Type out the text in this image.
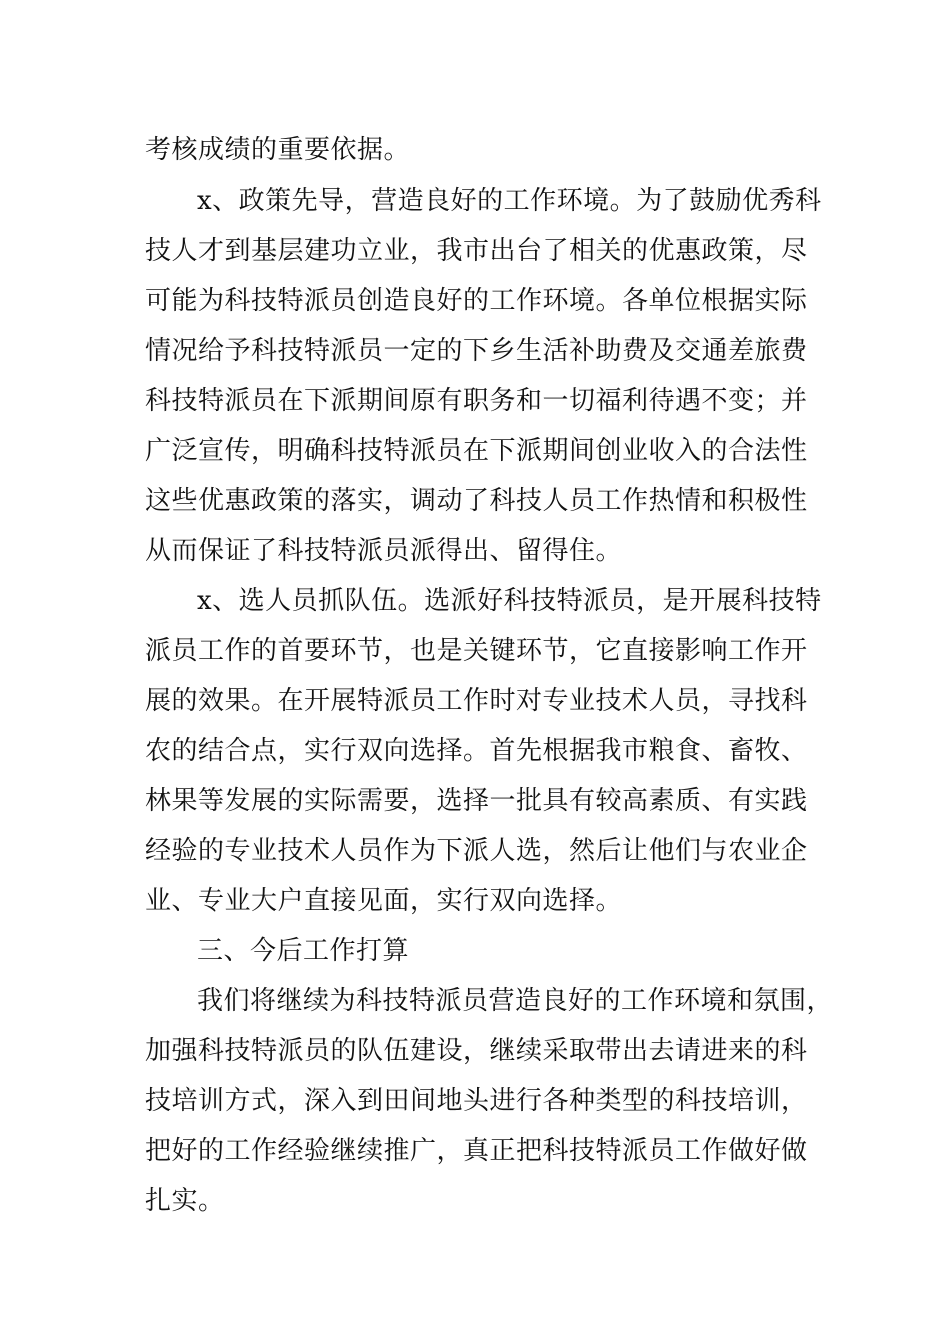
考核成绩的重要依据。
x、政策先导，营造良好的工作环境。为了鼓励优秀科
技人才到基层建功立业，我市出台了相关的优惠政策，尽
可能为科技特派员创造良好的工作环境。各单位根据实际
情况给予科技特派员一定的下乡生活补助费及交通差旅费
科技特派员在下派期间原有职务和一切福利待遇不变；并
广泛宣传，明确科技特派员在下派期间创业收入的合法性
这些优惠政策的落实，调动了科技人员工作热情和积极性
从而保证了科技特派员派得出、留得住。
x、选人员抓队伍。选派好科技特派员，是开展科技特
派员工作的首要环节，也是关键环节，它直接影响工作开
展的效果。在开展特派员工作时对专业技术人员，寻找科
农的结合点，实行双向选择。首先根据我市粮食、畜牧、
林果等发展的实际需要，选择一批具有较高素质、有实践
经验的专业技术人员作为下派人选，然后让他们与农业企
业、专业大户直接见面，实行双向选择。
三、今后工作打算
我们将继续为科技特派员营造良好的工作环境和氛围，
加强科技特派员的队伍建设，继续采取带出去请进来的科
技培训方式，深入到田间地头进行各种类型的科技培训，
把好的工作经验继续推广，真正把科技特派员工作做好做
扎实。
